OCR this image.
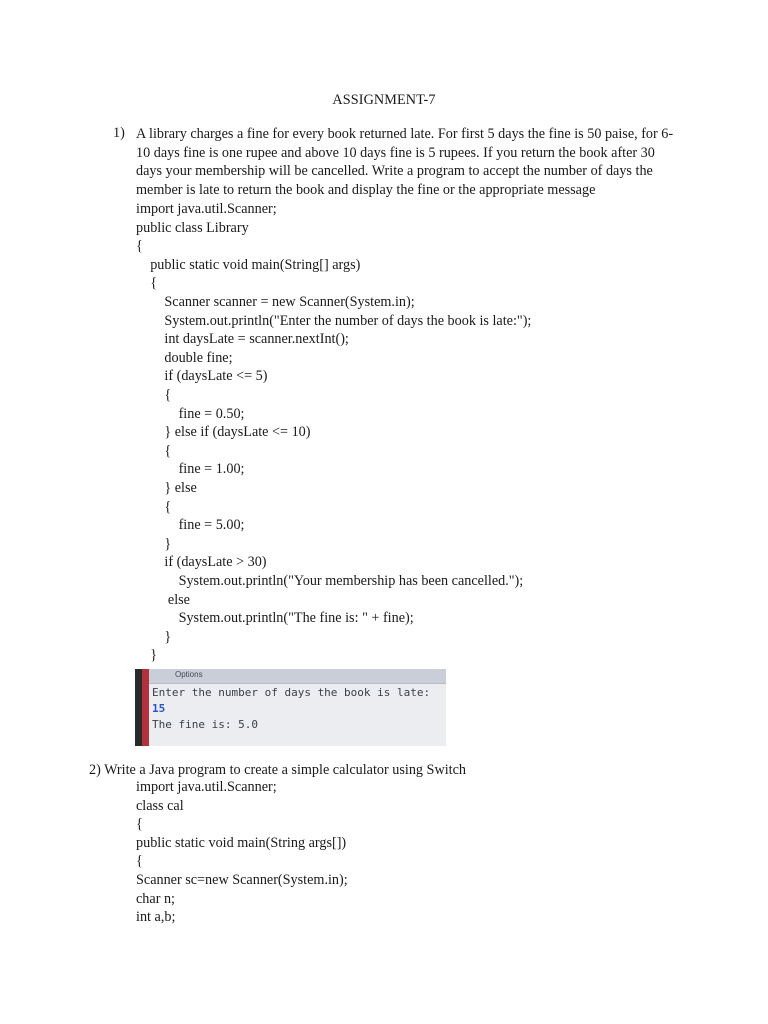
ASSIGNMENT-7
1) A library charges a fine for every book returned late. For first 5 days the fine is 50 paise, for 6-10 days fine is one rupee and above 10 days fine is 5 rupees. If you return the book after 30 days your membership will be cancelled. Write a program to accept the number of days the member is late to return the book and display the fine or the appropriate message
import java.util.Scanner;
public class Library
{
public static void main(String[] args)
{
Scanner scanner = new Scanner(System.in);
System.out.println("Enter the number of days the book is late:");
int daysLate = scanner.nextInt();
double fine;
if (daysLate <= 5)
{
fine = 0.50;
} else if (daysLate <= 10)
{
fine = 1.00;
} else
{
fine = 5.00;
}
if (daysLate > 30)
System.out.println("Your membership has been cancelled.");
else
System.out.println("The fine is: " + fine);
}
}
Options
Enter the number of days the book is late:
15
The fine is: 5.0
2) Write a Java program to create a simple calculator using Switch
import java.util.Scanner;
class cal
{
public static void main(String args[])
{
Scanner sc=new Scanner(System.in);
char n;
int a,b;
